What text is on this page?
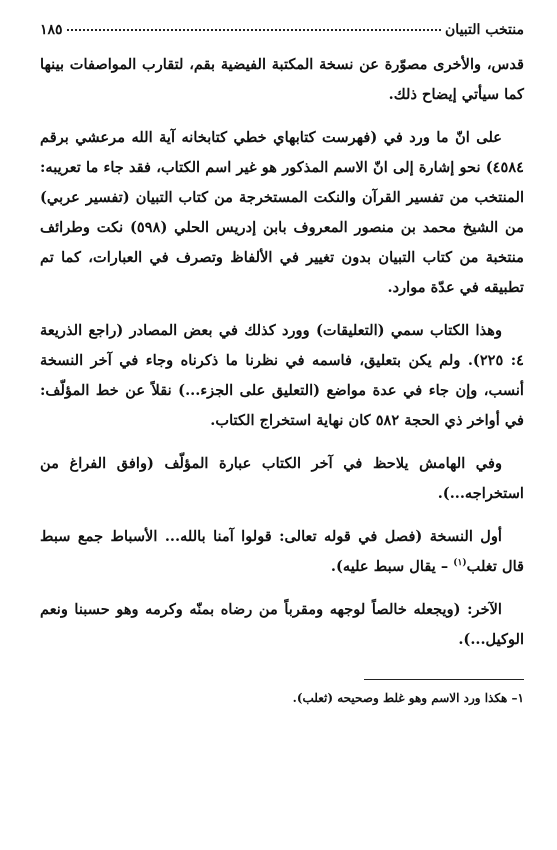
منتخب التبيان
١٨٥

قدس، والأخرى مصوّرة عن نسخة المكتبة الفيضية بقم، لتقارب المواصفات بينها كما سيأتي إيضاح ذلك.

على انّ ما ورد في (فهرست كتابهاي خطي كتابخانه آية الله مرعشي برقم ٤٥٨٤) نحو إشارة إلى انّ الاسم المذكور هو غير اسم الكتاب، فقد جاء ما تعريبه: المنتخب من تفسير القرآن والنكت المستخرجة من كتاب التبيان (تفسير عربي) من الشيخ محمد بن منصور المعروف بابن إدريس الحلي (٥٩٨) نكت وطرائف منتخبة من كتاب التبيان بدون تغيير في الألفاظ وتصرف في العبارات، كما تم تطبيقه في عدّة موارد.

وهذا الكتاب سمي (التعليقات) وورد كذلك في بعض المصادر (راجع الذريعة ٤: ٢٢٥). ولم يكن بتعليق، فاسمه في نظرنا ما ذكرناه وجاء في آخر النسخة أنسب، وإن جاء في عدة مواضع (التعليق على الجزء...) نقلاً عن خط المؤلّف: في أواخر ذي الحجة ٥٨٢ كان نهاية استخراج الكتاب.

وفي الهامش يلاحظ في آخر الكتاب عبارة المؤلّف (وافق الفراغ من استخراجه...).

أول النسخة (فصل في قوله تعالى: قولوا آمنا بالله... الأسباط جمع سبط قال تغلب$^{(١)}$ – يقال سبط عليه).

الآخر: (ويجعله خالصاً لوجهه ومقرباً من رضاه بمنّه وكرمه وهو حسبنا ونعم الوكيل...).

١– هكذا ورد الاسم وهو غلط وصحيحه (ثعلب).
